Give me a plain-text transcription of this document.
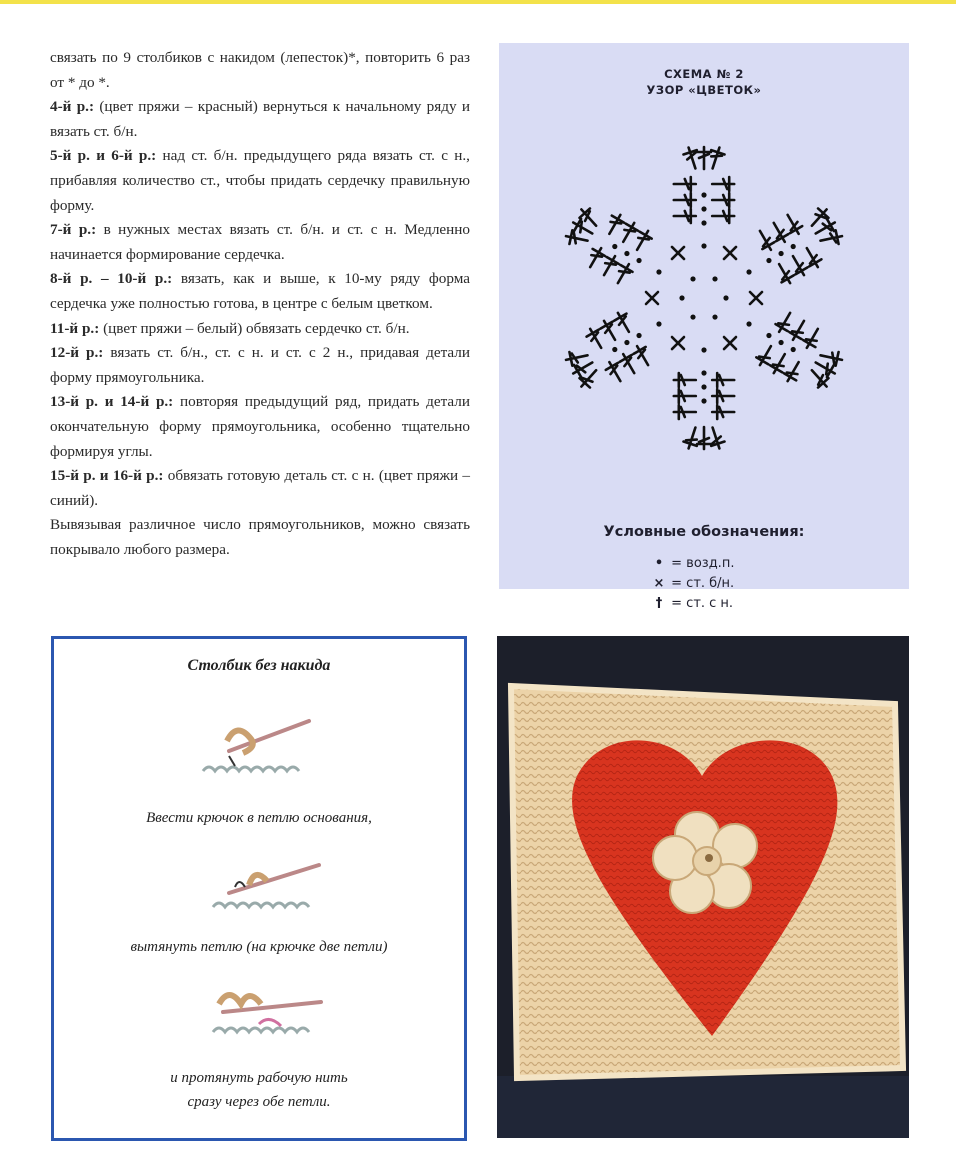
связать по 9 столбиков с накидом (лепесток)*, повторить 6 раз от * до *.

4-й р.: (цвет пряжи – красный) вернуться к начальному ряду и вязать ст. б/н.

5-й р. и 6-й р.: над ст. б/н. предыдущего ряда вязать ст. с н., прибавляя количество ст., чтобы придать сердечку правильную форму.

7-й р.: в нужных местах вязать ст. б/н. и ст. с н. Медленно начинается формирование сердечка.

8-й р. – 10-й р.: вязать, как и выше, к 10-му ряду форма сердечка уже полностью готова, в центре с белым цветком.

11-й р.: (цвет пряжи – белый) обвязать сердечко ст. б/н.

12-й р.: вязать ст. б/н., ст. с н. и ст. с 2 н., придавая детали форму прямоугольника.

13-й р. и 14-й р.: повторяя предыдущий ряд, придать детали окончательную форму прямоугольника, особенно тщательно формируя углы.

15-й р. и 16-й р.: обвязать готовую деталь ст. с н. (цвет пряжи – синий).

Вывязывая различное число прямоугольников, можно связать покрывало любого размера.

СХЕМА № 2
УЗОР «ЦВЕТОК»
Условные обозначения:
• = возд.п.
× = ст. б/н.
† = ст. с н.
Столбик без накида
Ввести крючок в петлю основания,
вытянуть петлю (на крючке две петли)
и протянуть рабочую нить
сразу через обе петли.
